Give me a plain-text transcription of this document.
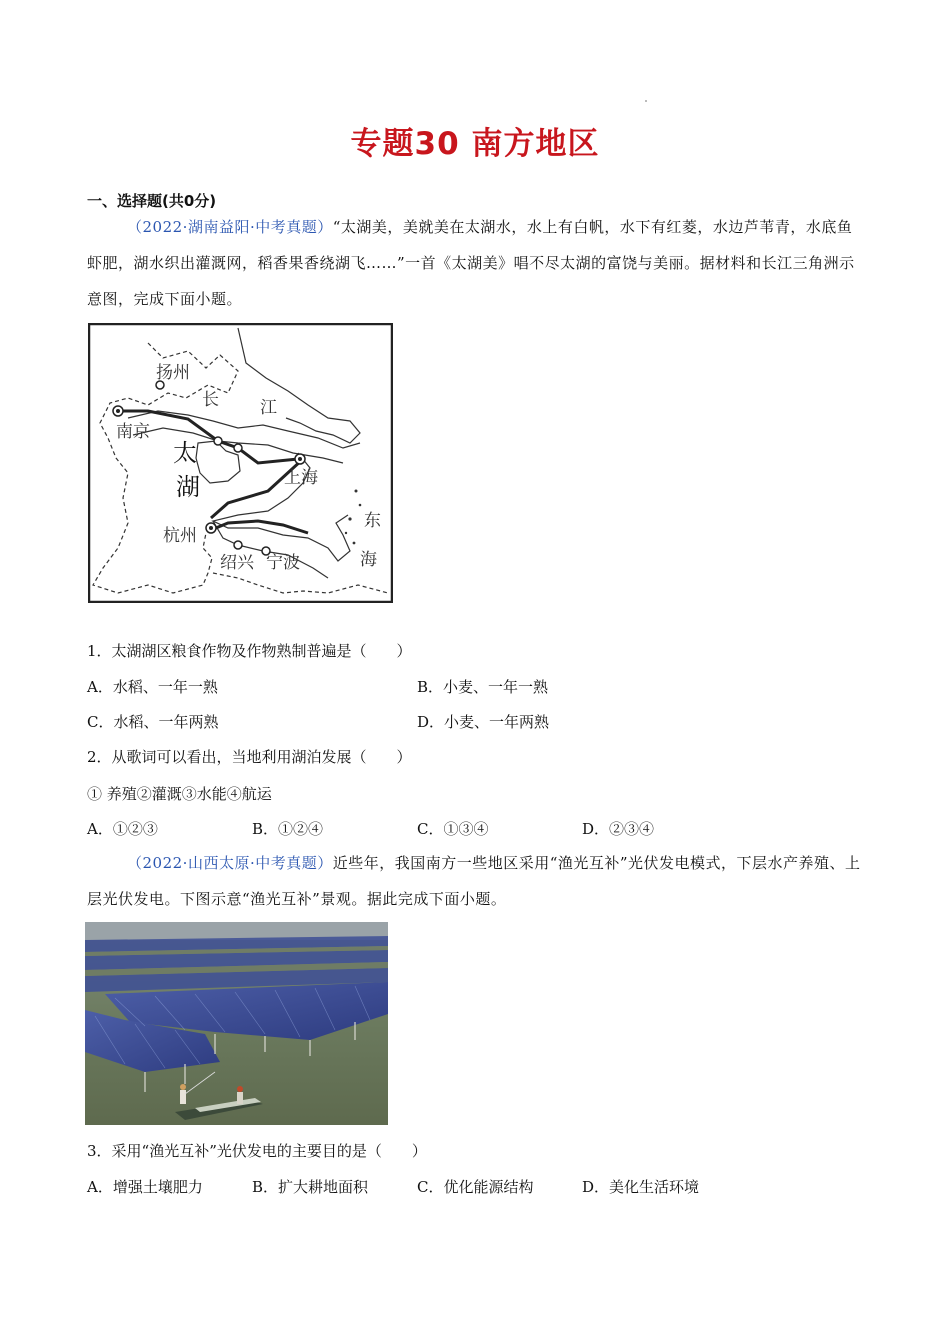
专题30 南方地区
一、选择题(共0分)
（2022·湖南益阳·中考真题）“太湖美，美就美在太湖水，水上有白帆，水下有红菱，水边芦苇青，水底鱼虾肥，湖水织出灌溉网，稻香果香绕湖飞……”一首《太湖美》唱不尽太湖的富饶与美丽。据材料和长江三角洲示意图，完成下面小题。
扬州
南京
长 江
太
湖	上海
杭州
绍兴 宁波
东
海
1．太湖湖区粮食作物及作物熟制普遍是（　　）
A．水稻、一年一熟	B．小麦、一年一熟
C．水稻、一年两熟	D．小麦、一年两熟
2．从歌词可以看出，当地利用湖泊发展（　　）
① 养殖②灌溉③水能④航运
A．①②③	B．①②④	C．①③④	D．②③④
（2022·山西太原·中考真题）近些年，我国南方一些地区采用“渔光互补”光伏发电模式，下层水产养殖、上层光伏发电。下图示意“渔光互补”景观。据此完成下面小题。
3．采用“渔光互补”光伏发电的主要目的是（　　）
A．增强土壤肥力	B．扩大耕地面积	C．优化能源结构	D．美化生活环境
